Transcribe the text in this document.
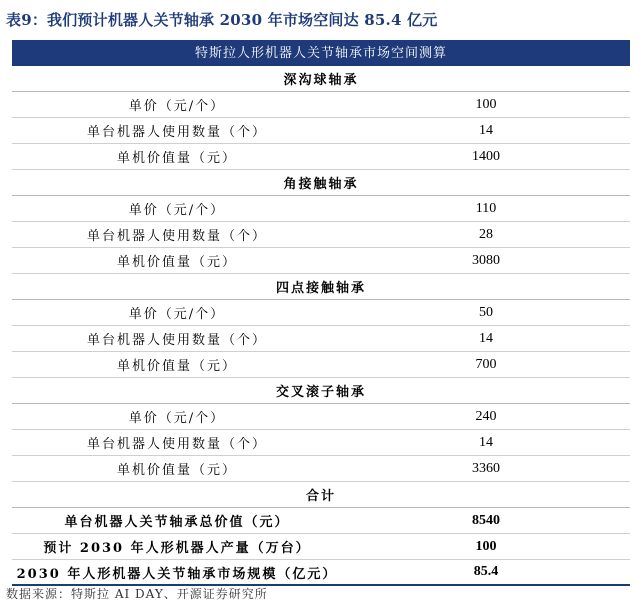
表9：我们预计机器人关节轴承 2030 年市场空间达 85.4 亿元
特斯拉人形机器人关节轴承市场空间测算
深沟球轴承
单价（元/个）	100
单台机器人使用数量（个）	14
单机价值量（元）	1400
角接触轴承
单价（元/个）	110
单台机器人使用数量（个）	28
单机价值量（元）	3080
四点接触轴承
单价（元/个）	50
单台机器人使用数量（个）	14
单机价值量（元）	700
交叉滚子轴承
单价（元/个）	240
单台机器人使用数量（个）	14
单机价值量（元）	3360
合计
单台机器人关节轴承总价值（元）	8540
预计 2030 年人形机器人产量（万台）	100
2030 年人形机器人关节轴承市场规模（亿元）	85.4
数据来源：特斯拉 AI DAY、开源证券研究所
